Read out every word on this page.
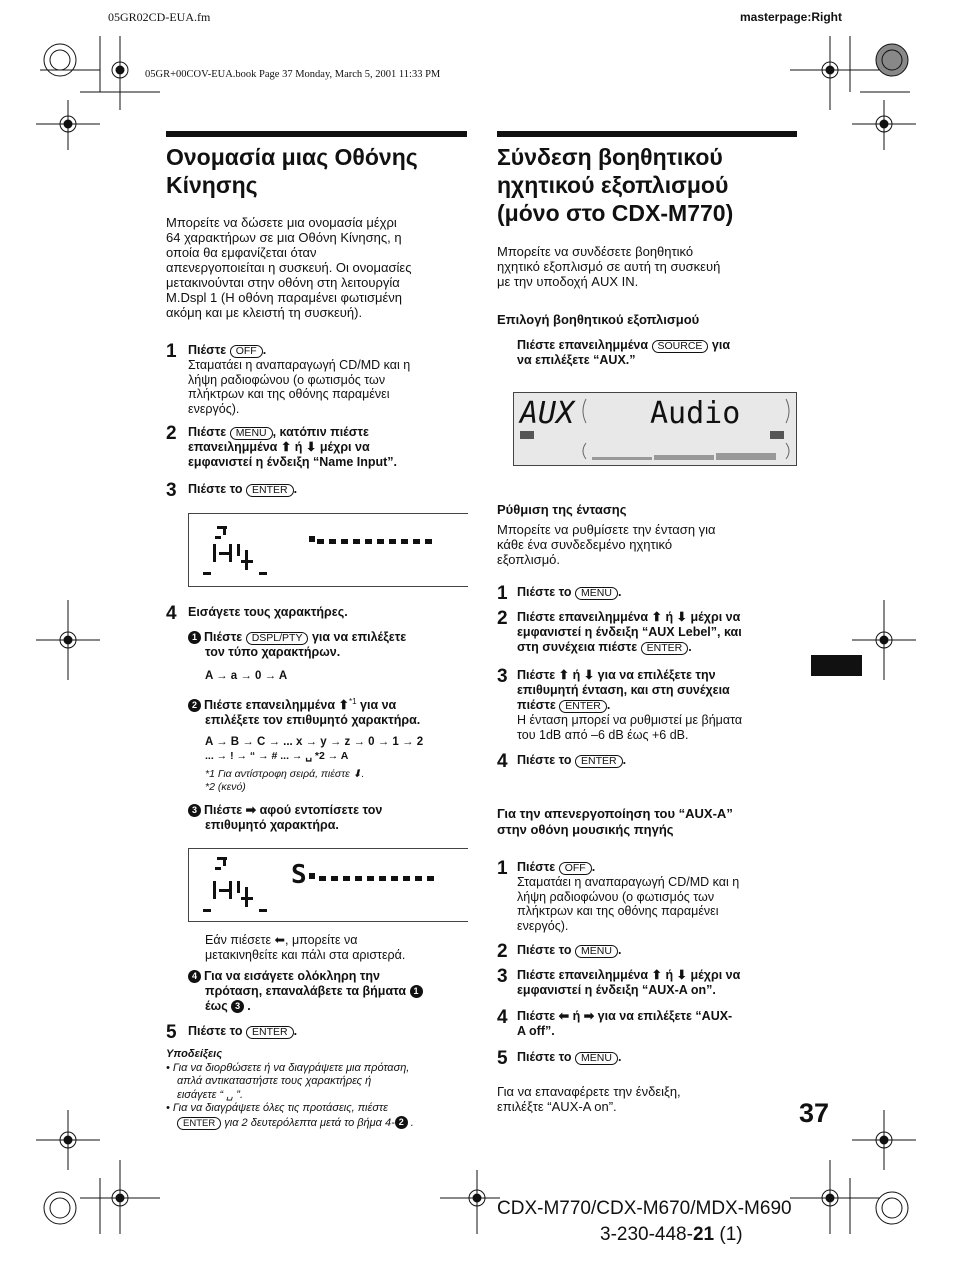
05GR02CD-EUA.fm	masterpage:Right
05GR+00COV-EUA.book Page 37 Monday, March 5, 2001 11:33 PM
Ονομασία μιας Οθόνης
Κίνησης

Μπορείτε να δώσετε μια ονομασία μέχρι

64 χαρακτήρων σε μια Οθόνη Κίνησης, η

οποία θα εμφανίζεται όταν

απενεργοποιείται η συσκευή. Οι ονομασίες

μετακινούνται στην οθόνη στη λειτουργία

M.Dspl 1 (Η οθόνη παραμένει φωτισμένη

ακόμη και με κλειστή τη συσκευή).

1 Πιέστε OFF .

Σταματάει η αναπαραγωγή CD/MD και η

λήψη ραδιοφώνου (ο φωτισμός των

πλήκτρων και της οθόνης παραμένει

ενεργός).

2 Πιέστε MENU , κατόπιν πιέστε
επανειλημμένα ⬆ ή ⬇ μέχρι να
εμφανιστεί η ένδειξη “Name Input”.
3 Πιέστε το ENTER .
4 Εισάγετε τους χαρακτήρες.
1 Πιέστε DSPL/PTY για να επιλέξετε
τον τύπο χαρακτήρων.
A → a → 0 → A
2 Πιέστε επανειλημμένα ⬆$^{*1}$ για να
επιλέξετε τον επιθυμητό χαρακτήρα.
A → B → C → ... x → y → z → 0 → 1 → 2
... → ! → “ → # ... → ␣ *2 → A
*1 Για αντίστροφη σειρά, πιέστε ⬇.
*2 (κενό)
3 Πιέστε ➡ αφού εντοπίσετε τον
επιθυμητό χαρακτήρα.
S
Εάν πιέσετε ⬅, μπορείτε να
μετακινηθείτε και πάλι στα αριστερά.
4 Για να εισάγετε ολόκληρη την
πρόταση, επαναλάβετε τα βήματα 1
έως 3 .
5 Πιέστε το ENTER .
Υποδείξεις
• Για να διορθώσετε ή να διαγράψετε μια πρόταση,
απλά αντικαταστήστε τους χαρακτήρες ή
εισάγετε “ ␣ ”.
• Για να διαγράψετε όλες τις προτάσεις, πιέστε
ENTER για 2 δευτερόλεπτα μετά το βήμα 4- 2 .
Σύνδεση βοηθητικού
ηχητικού εξοπλισμού
(μόνο στο CDX-M770)

Μπορείτε να συνδέσετε βοηθητικό

ηχητικό εξοπλισμό σε αυτή τη συσκευή

με την υποδοχή AUX IN.

Επιλογή βοηθητικού εξοπλισμού
Πιέστε επανειλημμένα SOURCE για
να επιλέξετε “AUX.”
AUX	Audio
Ρύθμιση της έντασης

Μπορείτε να ρυθμίσετε την ένταση για

κάθε ένα συνδεδεμένο ηχητικό

εξοπλισμό.

1 Πιέστε το MENU .
2 Πιέστε επανειλημμένα ⬆ ή ⬇ μέχρι να
εμφανιστεί η ένδειξη “AUX Lebel”, και
στη συνέχεια πιέστε ENTER .
3 Πιέστε ⬆ ή ⬇ για να επιλέξετε την
επιθυμητή ένταση, και στη συνέχεια
πιέστε ENTER .
Η ένταση μπορεί να ρυθμιστεί με βήματα
του 1dB από –6 dB έως +6 dB.
4 Πιέστε το ENTER .
Για την απενεργοποίηση του “AUX-A”
στην οθόνη μουσικής πηγής
1 Πιέστε OFF .

Σταματάει η αναπαραγωγή CD/MD και η

λήψη ραδιοφώνου (ο φωτισμός των

πλήκτρων και της οθόνης παραμένει

ενεργός).

2 Πιέστε το MENU .
3 Πιέστε επανειλημμένα ⬆ ή ⬇ μέχρι να
εμφανιστεί η ένδειξη “AUX-A on”.
4 Πιέστε ⬅ ή ➡ για να επιλέξετε “AUX-
A off”.
5 Πιέστε το MENU .
Για να επαναφέρετε την ένδειξη,
επιλέξτε “AUX-A on”.	37
CDX-M770/CDX-M670/MDX-M690
3-230-448-21 (1)
